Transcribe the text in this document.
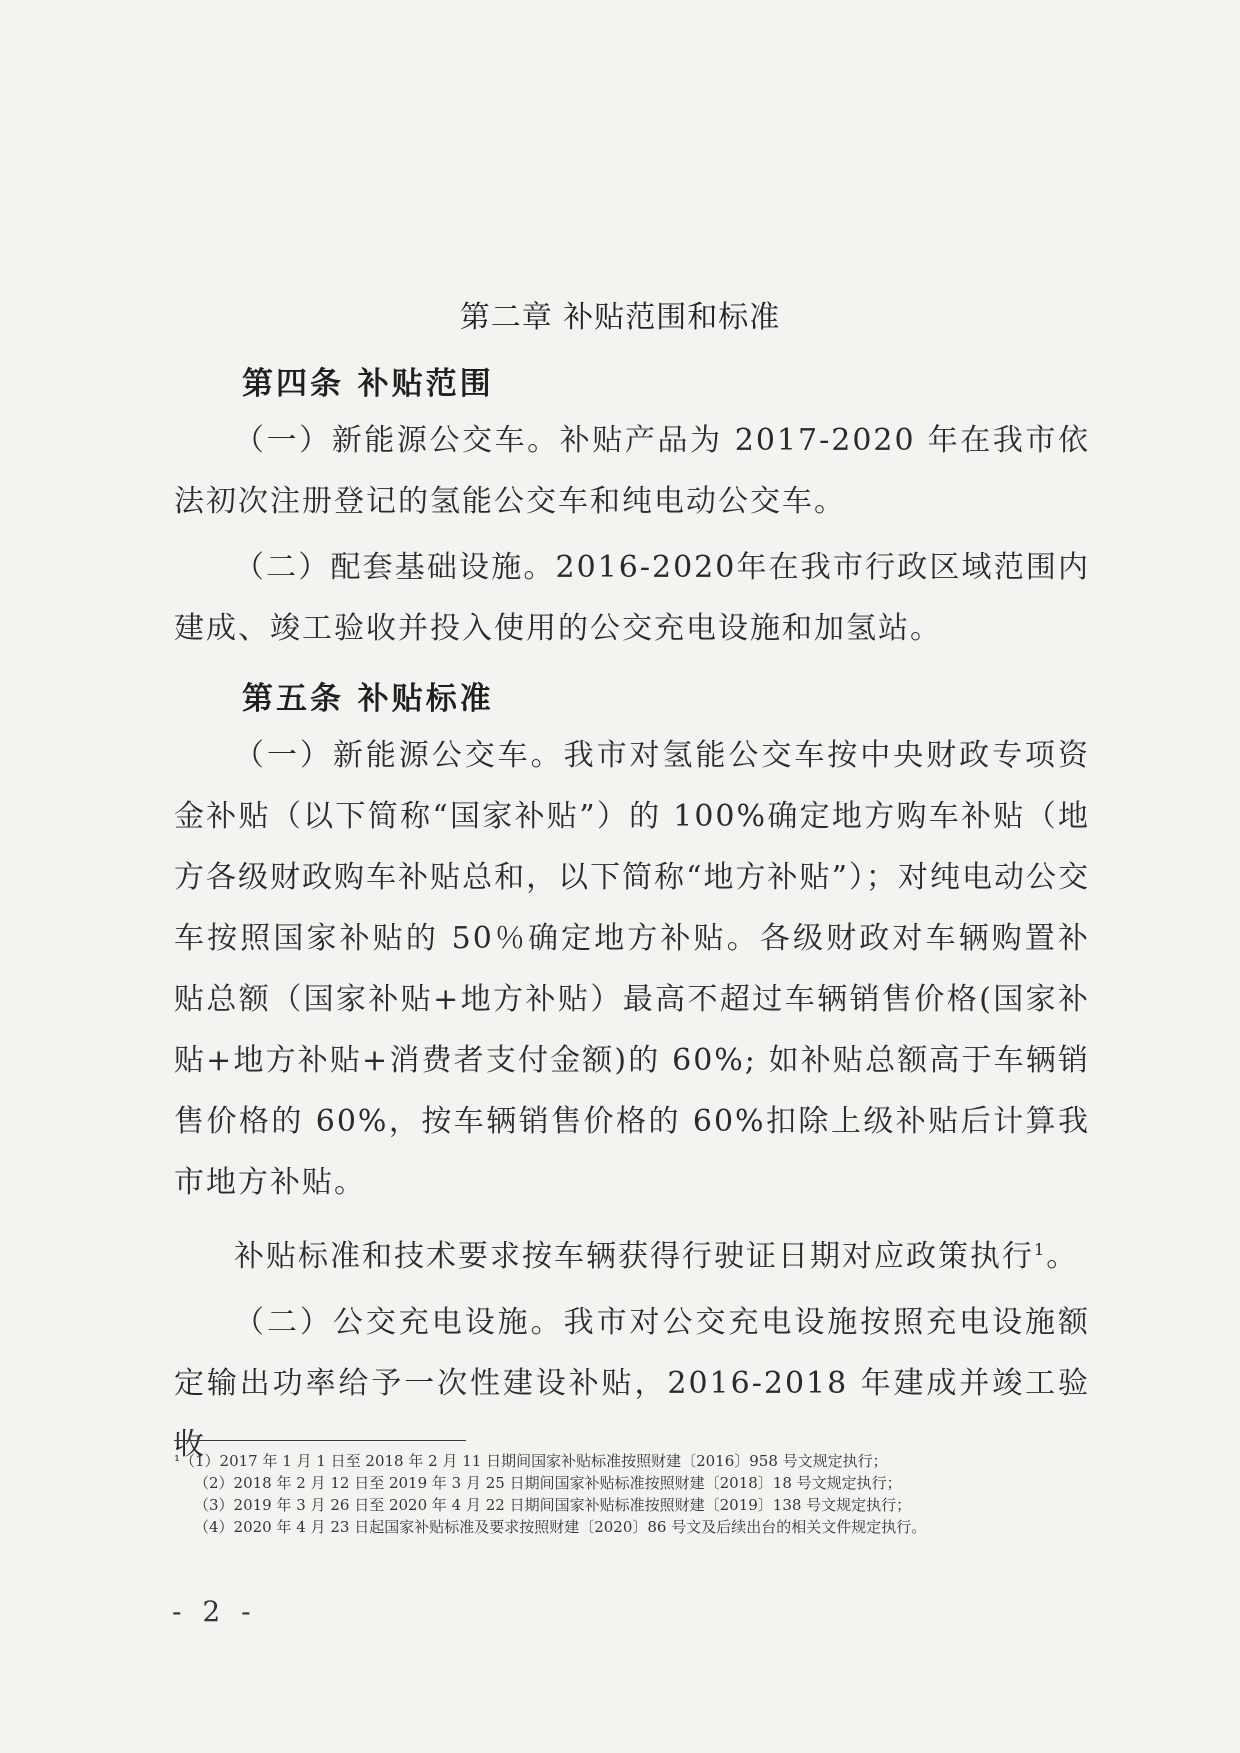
第二章 补贴范围和标准
第四条 补贴范围
（一）新能源公交车。补贴产品为 2017-2020 年在我市依法初次注册登记的氢能公交车和纯电动公交车。
（二）配套基础设施。2016-2020年在我市行政区域范围内建成、竣工验收并投入使用的公交充电设施和加氢站。
第五条 补贴标准
（一）新能源公交车。我市对氢能公交车按中央财政专项资金补贴（以下简称“国家补贴”）的 100%确定地方购车补贴（地方各级财政购车补贴总和，以下简称“地方补贴”）；对纯电动公交车按照国家补贴的 50％确定地方补贴。各级财政对车辆购置补贴总额（国家补贴+地方补贴）最高不超过车辆销售价格(国家补贴+地方补贴+消费者支付金额)的 60%; 如补贴总额高于车辆销售价格的 60%，按车辆销售价格的 60%扣除上级补贴后计算我市地方补贴。
补贴标准和技术要求按车辆获得行驶证日期对应政策执行$^1$。
（二）公交充电设施。我市对公交充电设施按照充电设施额定输出功率给予一次性建设补贴，2016-2018 年建成并竣工验收
¹（1）2017 年 1 月 1 日至 2018 年 2 月 11 日期间国家补贴标准按照财建〔2016〕958 号文规定执行；
（2）2018 年 2 月 12 日至 2019 年 3 月 25 日期间国家补贴标准按照财建〔2018〕18 号文规定执行；
（3）2019 年 3 月 26 日至 2020 年 4 月 22 日期间国家补贴标准按照财建〔2019〕138 号文规定执行；
（4）2020 年 4 月 23 日起国家补贴标准及要求按照财建〔2020〕86 号文及后续出台的相关文件规定执行。
- 2 -
